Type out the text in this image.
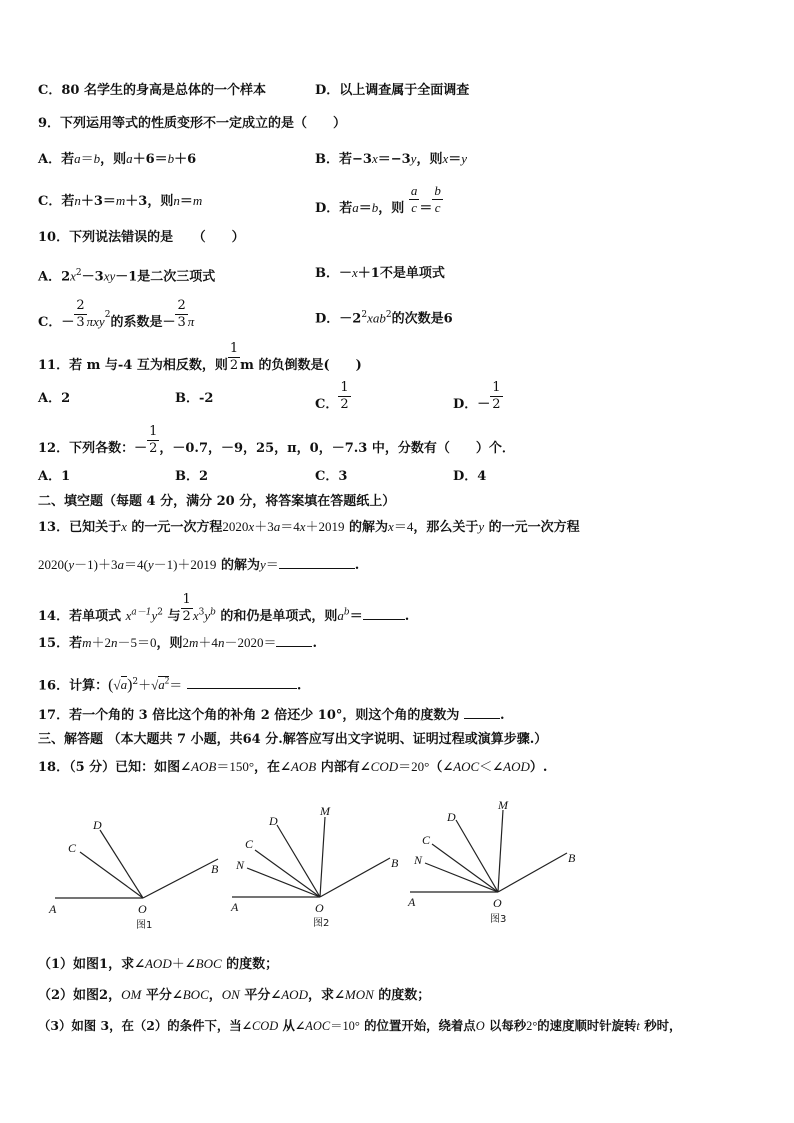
C．80 名学生的身高是总体的一个样本	D．以上调查属于全面调查
9．下列运用等式的性质变形不一定成立的是（　　）
A．若a＝b，则a＋6＝b＋6	B．若−3x＝−3y，则x＝y
C．若n＋3＝m＋3，则n＝m
D．若a＝b，则 $\frac{a}{c} = \frac{b}{c}$
10．下列说法错误的是　　（　　）
A．$2x^2-3xy-1$是二次三项式	B．－x＋1不是单项式
C．－ $\frac{2}{3} \pi xy^2$的系数是－ $\frac{2}{3}$ π	D．$-2^2xab^2$的次数是6
11．若 m 与-4 互为相反数，则 $\frac{1}{2}$ m 的负倒数是(　　)
A．2	B．-2	C． $\frac{1}{2}$	D．－ $\frac{1}{2}$
12．下列各数：－ $\frac{1}{2}$ ，－0.7，－9，25，π，0，－7.3 中，分数有（　　）个．
A．1	B．2	C．3	D．4
二、填空题（每题 4 分，满分 20 分，将答案填在答题纸上）
13．已知关于x 的一元一次方程2020x＋3a＝4x＋2019 的解为x＝4，那么关于y 的一元一次方程
2020(y－1)＋3a＝4(y－1)＋2019 的解为y＝	.
14．若单项式 $x^{a-1}y^2$ 与 $\frac{1}{2} x^3y^b$ 的和仍是单项式，则$a^b=$	.
15．若m＋2n－5＝0，则2m＋4n－2020＝	.
16．计算：$(√a)^2+√a^2=$	.
17．若一个角的 3 倍比这个角的补角 2 倍还少 10°，则这个角的度数为	.
三、解答题 （本大题共 7 小题，共64 分.解答应写出文字说明、证明过程或演算步骤.）
18．（5 分）已知：如图∠AOB＝150°，在∠AOB 内部有∠COD＝20°（∠AOC＜∠AOD）.
A	O
B
C
D
A	O
B
C
D
M
N
A	O
B
C
D
M
N
图1	图2	图3
（1）如图1，求∠AOD＋∠BOC 的度数；
（2）如图2，OM 平分∠BOC，ON 平分∠AOD，求∠MON 的度数；
（3）如图 3，在（2）的条件下，当∠COD 从∠AOC＝10° 的位置开始，绕着点O 以每秒2°的速度顺时针旋转t 秒时，
